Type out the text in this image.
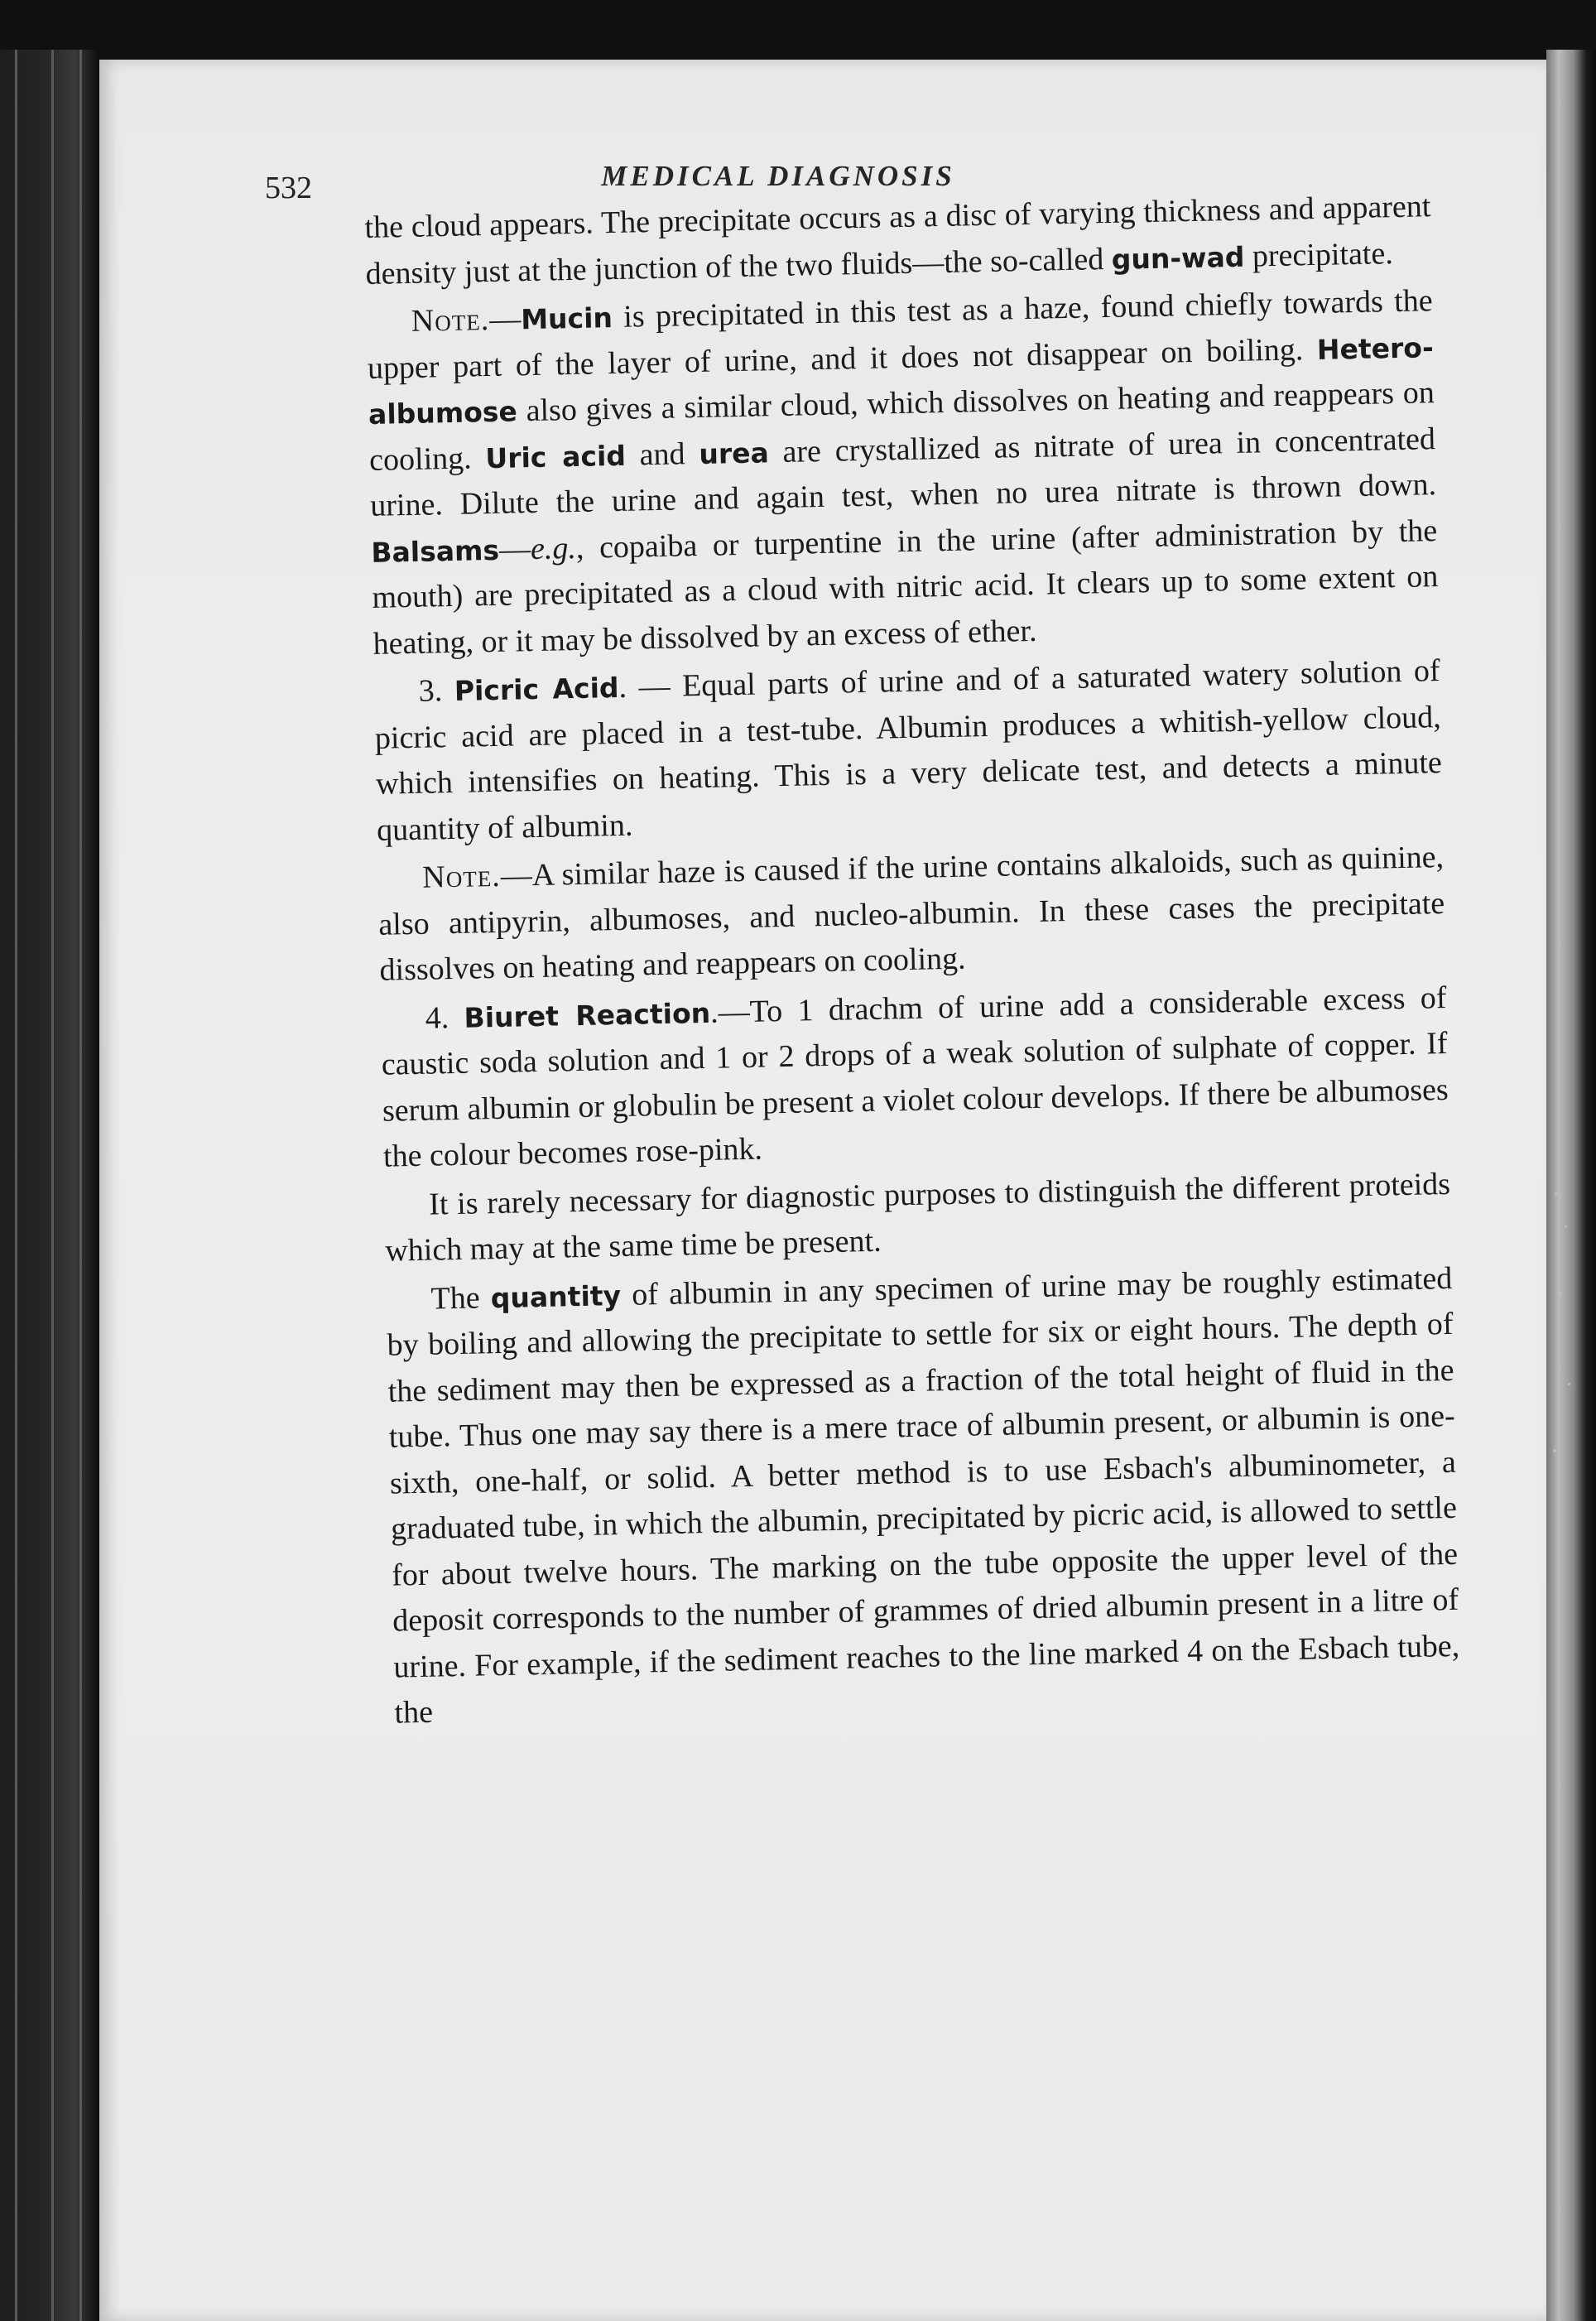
532	MEDICAL DIAGNOSIS

the cloud appears. The precipitate occurs as a disc of varying thickness and apparent density just at the junction of the two fluids—the so-called gun-wad precipitate.

Note.—Mucin is precipitated in this test as a haze, found chiefly towards the upper part of the layer of urine, and it does not disappear on boiling. Hetero-albumose also gives a similar cloud, which dissolves on heating and reappears on cooling. Uric acid and urea are crystallized as nitrate of urea in concentrated urine. Dilute the urine and again test, when no urea nitrate is thrown down. Balsams—e.g., copaiba or turpentine in the urine (after administration by the mouth) are precipitated as a cloud with nitric acid. It clears up to some extent on heating, or it may be dissolved by an excess of ether.

3. Picric Acid. — Equal parts of urine and of a saturated watery solution of picric acid are placed in a test-tube. Albumin produces a whitish-yellow cloud, which intensifies on heating. This is a very delicate test, and detects a minute quantity of albumin.

Note.—A similar haze is caused if the urine contains alkaloids, such as quinine, also antipyrin, albumoses, and nucleo-albumin. In these cases the precipitate dissolves on heating and reappears on cooling.

4. Biuret Reaction.—To 1 drachm of urine add a considerable excess of caustic soda solution and 1 or 2 drops of a weak solution of sulphate of copper. If serum albumin or globulin be present a violet colour develops. If there be albumoses the colour becomes rose-pink.

It is rarely necessary for diagnostic purposes to distinguish the different proteids which may at the same time be present.

The quantity of albumin in any specimen of urine may be roughly estimated by boiling and allowing the precipitate to settle for six or eight hours. The depth of the sediment may then be expressed as a fraction of the total height of fluid in the tube. Thus one may say there is a mere trace of albumin present, or albumin is one-sixth, one-half, or solid. A better method is to use Esbach's albuminometer, a graduated tube, in which the albumin, precipitated by picric acid, is allowed to settle for about twelve hours. The marking on the tube opposite the upper level of the deposit corresponds to the number of grammes of dried albumin present in a litre of urine. For example, if the sediment reaches to the line marked 4 on the Esbach tube, the
